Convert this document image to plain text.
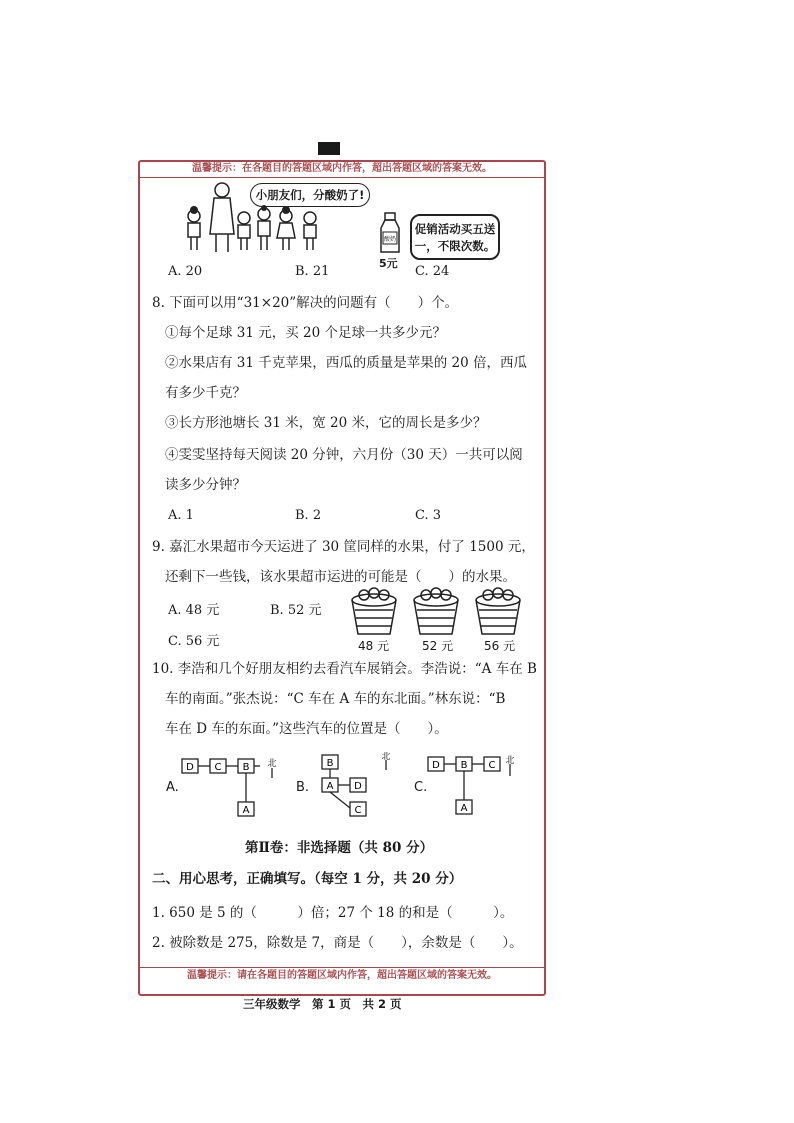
温馨提示：在各题目的答题区域内作答，超出答题区域的答案无效。
小朋友们，分酸奶了!
酸奶
5元
促销活动买五送
一，不限次数。
A. 20	B. 21	C. 24
8. 下面可以用“31×20”解决的问题有（　　）个。
①每个足球 31 元，买 20 个足球一共多少元？
②水果店有 31 千克苹果，西瓜的质量是苹果的 20 倍，西瓜
有多少千克？
③长方形池塘长 31 米，宽 20 米，它的周长是多少？
④雯雯坚持每天阅读 20 分钟，六月份（30 天）一共可以阅
读多少分钟？
A. 1	B. 2	C. 3
9. 嘉汇水果超市今天运进了 30 筐同样的水果，付了 1500 元，
还剩下一些钱，该水果超市运进的可能是（　　）的水果。
A. 48 元	B. 52 元
C. 56 元	48 元	52 元	56 元
10. 李浩和几个好朋友相约去看汽车展销会。李浩说：“A 车在 B
车的南面。”张杰说：“C 车在 A 车的东北面。”林东说：“B
车在 D 车的东面。”这些汽车的位置是（　　）。
A.	B.	C.
D C B
A
北	B
A D
C
北
D B C
A
北
第Ⅱ卷：非选择题（共 80 分）
二、用心思考，正确填写。（每空 1 分，共 20 分）
1. 650 是 5 的（　　　）倍；27 个 18 的和是（　　　）。
2. 被除数是 275，除数是 7，商是（　　），余数是（　　）。
温馨提示：请在各题目的答题区域内作答，超出答题区域的答案无效。
三年级数学　第 1 页　共 2 页
